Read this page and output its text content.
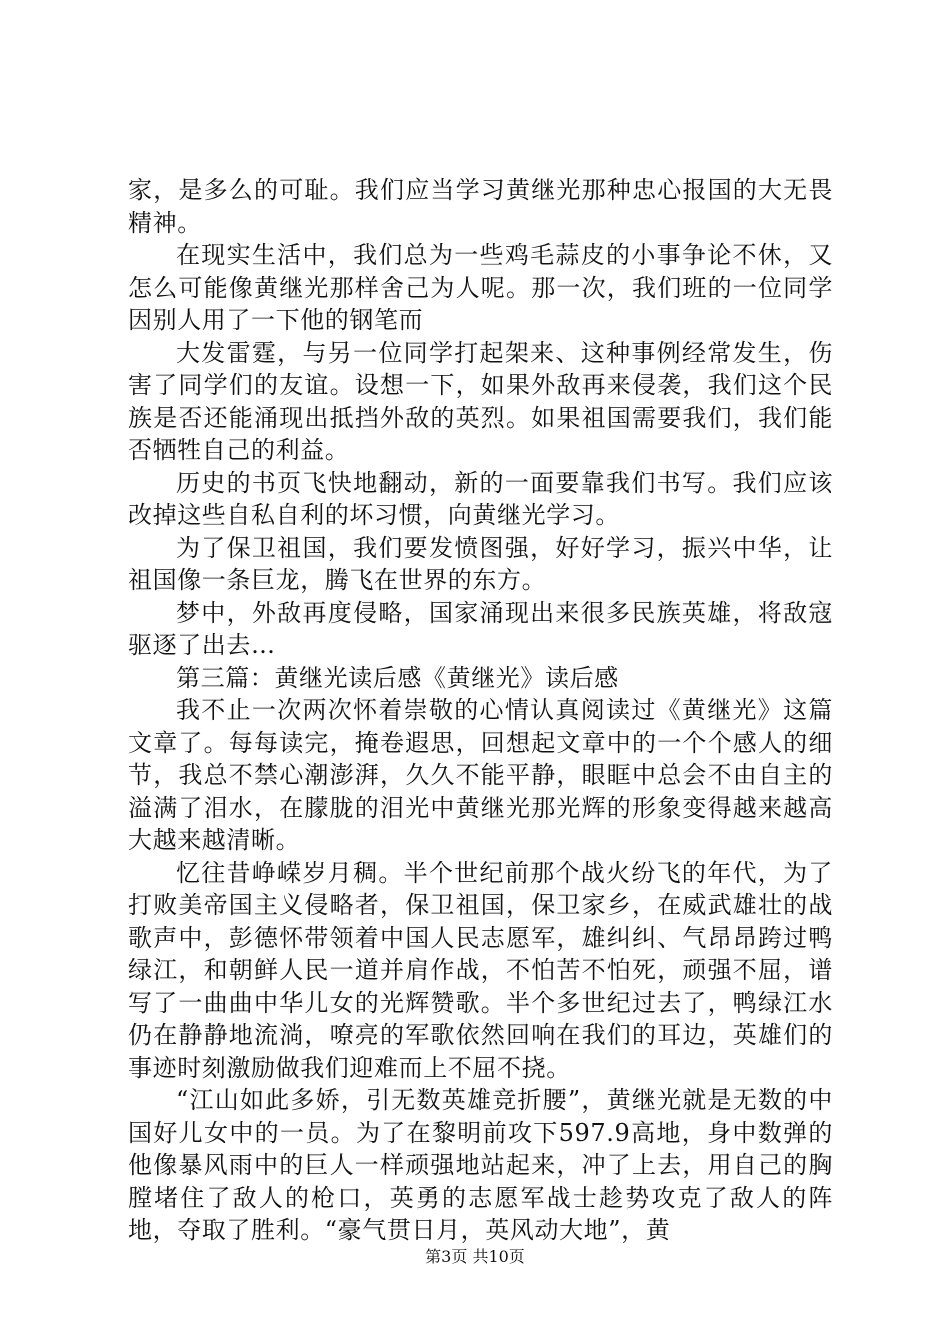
家，是多么的可耻。我们应当学习黄继光那种忠心报国的大无畏精神。

在现实生活中，我们总为一些鸡毛蒜皮的小事争论不休，又怎么可能像黄继光那样舍己为人呢。那一次，我们班的一位同学因别人用了一下他的钢笔而

大发雷霆，与另一位同学打起架来、这种事例经常发生，伤害了同学们的友谊。设想一下，如果外敌再来侵袭，我们这个民族是否还能涌现出抵挡外敌的英烈。如果祖国需要我们，我们能否牺牲自己的利益。

历史的书页飞快地翻动，新的一面要靠我们书写。我们应该改掉这些自私自利的坏习惯，向黄继光学习。

为了保卫祖国，我们要发愤图强，好好学习，振兴中华，让祖国像一条巨龙，腾飞在世界的东方。

梦中，外敌再度侵略，国家涌现出来很多民族英雄，将敌寇驱逐了出去…

第三篇：黄继光读后感《黄继光》读后感

我不止一次两次怀着崇敬的心情认真阅读过《黄继光》这篇文章了。每每读完，掩卷遐思，回想起文章中的一个个感人的细节，我总不禁心潮澎湃，久久不能平静，眼眶中总会不由自主的溢满了泪水，在朦胧的泪光中黄继光那光辉的形象变得越来越高大越来越清晰。

忆往昔峥嵘岁月稠。半个世纪前那个战火纷飞的年代，为了打败美帝国主义侵略者，保卫祖国，保卫家乡，在威武雄壮的战歌声中，彭德怀带领着中国人民志愿军，雄纠纠、气昂昂跨过鸭绿江，和朝鲜人民一道并肩作战，不怕苦不怕死，顽强不屈，谱写了一曲曲中华儿女的光辉赞歌。半个多世纪过去了，鸭绿江水仍在静静地流淌，嘹亮的军歌依然回响在我们的耳边，英雄们的事迹时刻激励做我们迎难而上不屈不挠。

“江山如此多娇，引无数英雄竞折腰”，黄继光就是无数的中国好儿女中的一员。为了在黎明前攻下597.9高地，身中数弹的他像暴风雨中的巨人一样顽强地站起来，冲了上去，用自己的胸膛堵住了敌人的枪口，英勇的志愿军战士趁势攻克了敌人的阵地，夺取了胜利。“豪气贯日月，英风动大地”，黄

第3页 共10页
